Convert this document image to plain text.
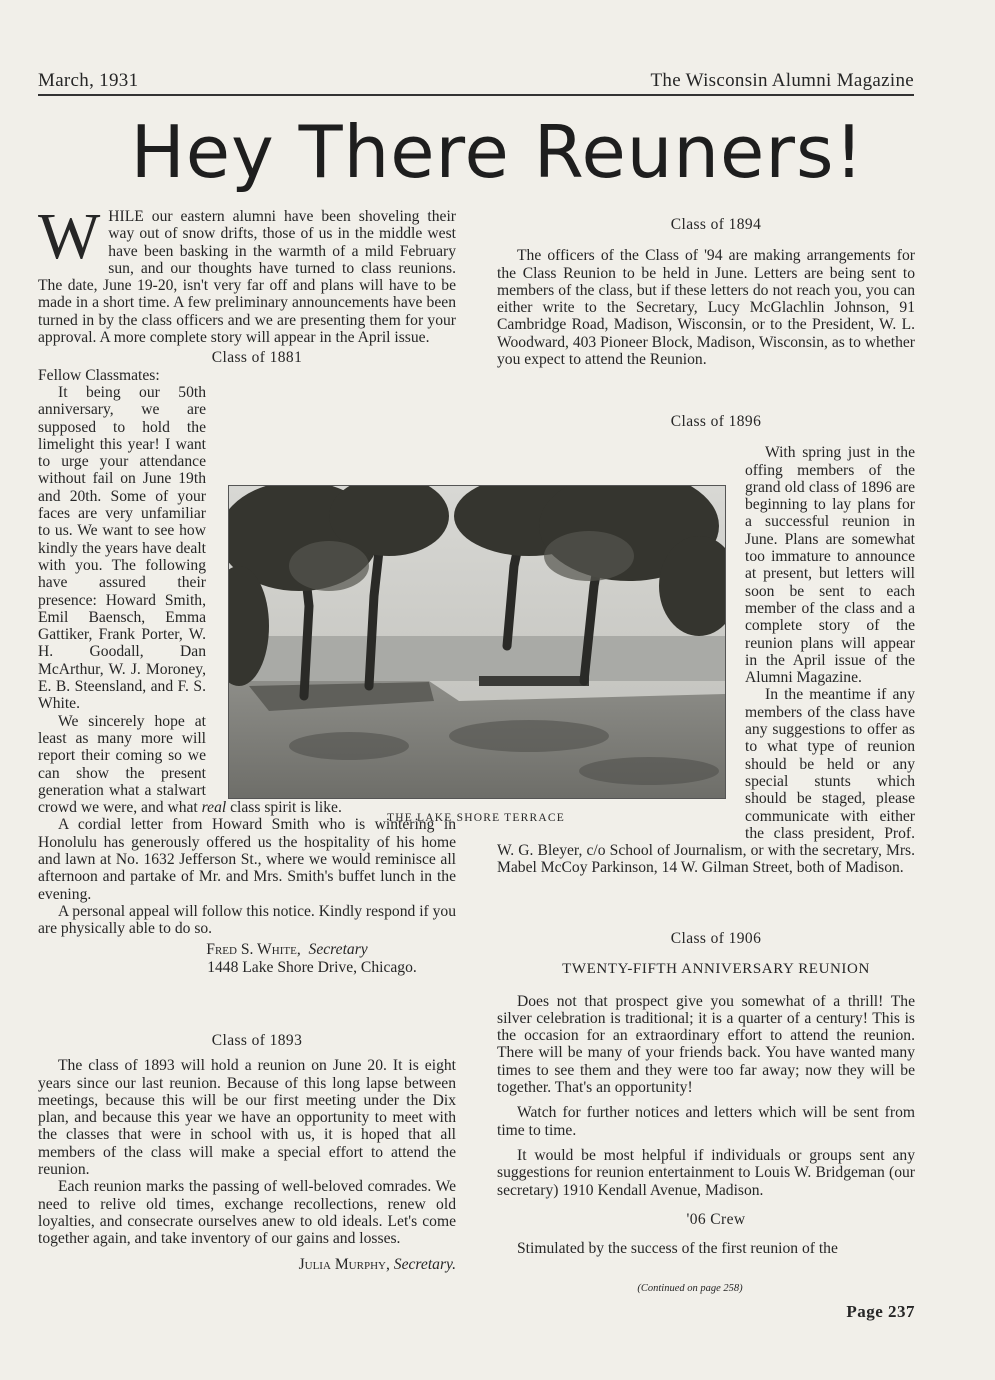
March, 1931	The Wisconsin Alumni Magazine
Hey There Reuners!

WHILE our eastern alumni have been shoveling their way out of snow drifts, those of us in the middle west have been basking in the warmth of a mild February sun, and our thoughts have turned to class reunions. The date, June 19-20, isn't very far off and plans will have to be made in a short time. A few preliminary announcements have been turned in by the class officers and we are presenting them for your approval. A more complete story will appear in the April issue.

Class of 1881

Fellow Classmates:

It being our 50th anniversary, we are supposed to hold the limelight this year! I want to urge your attendance without fail on June 19th and 20th. Some of your faces are very unfamiliar to us. We want to see how kindly the years have dealt with you. The following have assured their presence: Howard Smith, Emil Baensch, Emma Gattiker, Frank Porter, W. H. Goodall, Dan McArthur, W. J. Moroney, E. B. Steensland, and F. S. White.

We sincerely hope at least as many more will report their coming so we can show the present generation what a stalwart crowd we were, and what real class spirit is like.

A cordial letter from Howard Smith who is wintering in Honolulu has generously offered us the hospitality of his home and lawn at No. 1632 Jefferson St., where we would reminisce all afternoon and partake of Mr. and Mrs. Smith's buffet lunch in the evening.

A personal appeal will follow this notice. Kindly respond if you are physically able to do so.

Fred S. White, Secretary

1448 Lake Shore Drive, Chicago.

Class of 1893

The class of 1893 will hold a reunion on June 20. It is eight years since our last reunion. Because of this long lapse between meetings, because this will be our first meeting under the Dix plan, and because this year we have an opportunity to meet with the classes that were in school with us, it is hoped that all members of the class will make a special effort to attend the reunion.

Each reunion marks the passing of well-beloved comrades. We need to relive old times, exchange recollections, renew old loyalties, and consecrate ourselves anew to old ideals. Let's come together again, and take inventory of our gains and losses.

Julia Murphy, Secretary.

Class of 1894

The officers of the Class of '94 are making arrangements for the Class Reunion to be held in June. Letters are being sent to members of the class, but if these letters do not reach you, you can either write to the Secretary, Lucy McGlachlin Johnson, 91 Cambridge Road, Madison, Wisconsin, or to the President, W. L. Woodward, 403 Pioneer Block, Madison, Wisconsin, as to whether you expect to attend the Reunion.

Class of 1896

With spring just in the offing members of the grand old class of 1896 are beginning to lay plans for a successful reunion in June. Plans are somewhat too immature to announce at present, but letters will soon be sent to each member of the class and a complete story of the reunion plans will appear in the April issue of the Alumni Magazine.

In the meantime if any members of the class have any suggestions to offer as to what type of reunion should be held or any special stunts which should be staged, please communicate with either the class president, Prof. W. G. Bleyer, c/o School of Journalism, or with the secretary, Mrs. Mabel McCoy Parkinson, 14 W. Gilman Street, both of Madison.

Class of 1906

TWENTY-FIFTH ANNIVERSARY REUNION

Does not that prospect give you somewhat of a thrill! The silver celebration is traditional; it is a quarter of a century! This is the occasion for an extraordinary effort to attend the reunion. There will be many of your friends back. You have wanted many times to see them and they were too far away; now they will be together. That's an opportunity!

Watch for further notices and letters which will be sent from time to time.

It would be most helpful if individuals or groups sent any suggestions for reunion entertainment to Louis W. Bridgeman (our secretary) 1910 Kendall Avenue, Madison.

'06 Crew

Stimulated by the success of the first reunion of the

THE LAKE SHORE TERRACE
(Continued on page 258)
Page 237
